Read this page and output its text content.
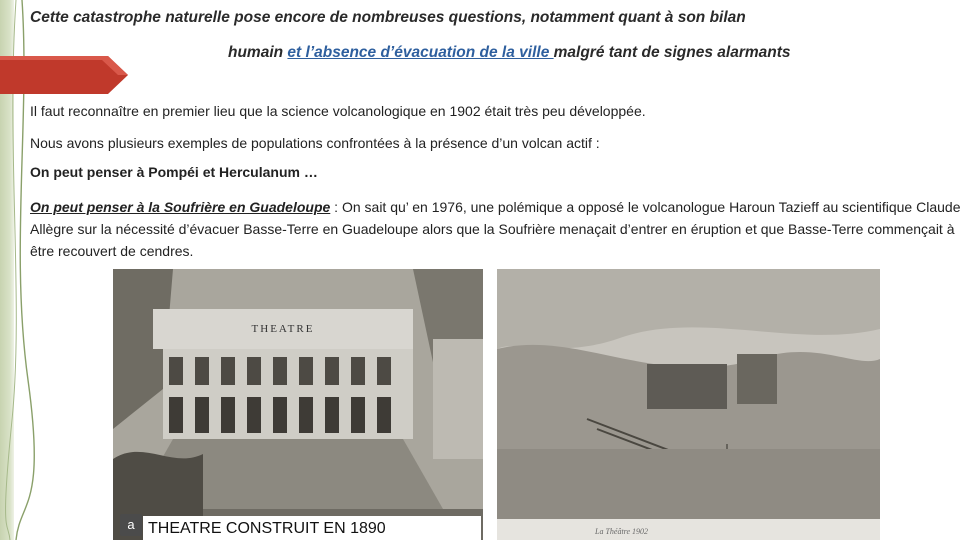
Cette catastrophe naturelle pose encore de nombreuses questions, notamment quant à son bilan
humain et l’absence d’évacuation de la ville malgré tant de signes alarmants
Il faut reconnaître en premier lieu que la science volcanologique en 1902 était très peu développée.
Nous avons plusieurs exemples de populations confrontées à la présence d’un volcan actif :
On peut penser à Pompéi et Herculanum …
On peut penser à la Soufrière en Guadeloupe : On sait qu’ en 1976, une polémique a opposé le volcanologue Haroun Tazieff au scientifique Claude Allègre sur la nécessité d’évacuer Basse-Terre en Guadeloupe alors que la Soufrière menaçait d’entrer en éruption et que Basse-Terre commençait à être recouvert de cendres.
THEATRE
a THEATRE CONSTRUIT EN 1890	La Théâtre 1902
